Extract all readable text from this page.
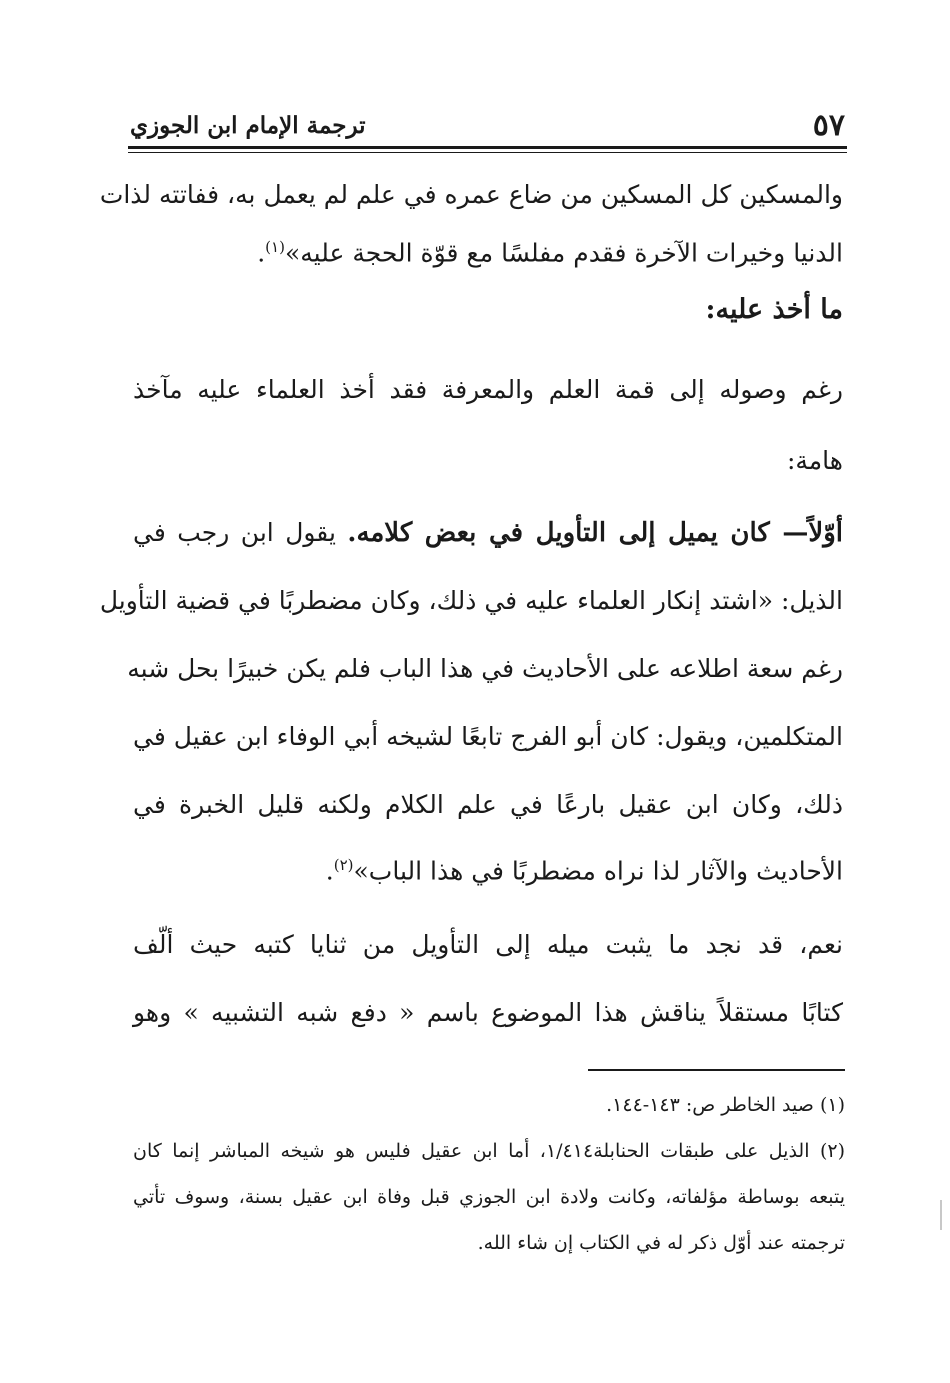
٥٧
ترجمة الإمام ابن الجوزي
والمسكين كل المسكين من ضاع عمره في علم لم يعمل به، ففاتته لذات
الدنيا وخيرات الآخرة فقدم مفلسًا مع قوّة الحجة عليه»$^{(١)}$.
ما أخذ عليه:
رغم وصوله إلى قمة العلم والمعرفة فقد أخذ العلماء عليه مآخذ
هامة:
أوّلاً— كان يميل إلى التأويل في بعض كلامه. يقول ابن رجب في
الذيل: «اشتد إنكار العلماء عليه في ذلك، وكان مضطربًا في قضية التأويل
رغم سعة اطلاعه على الأحاديث في هذا الباب فلم يكن خبيرًا بحل شبه
المتكلمين، ويقول: كان أبو الفرج تابعًا لشيخه أبي الوفاء ابن عقيل في
ذلك، وكان ابن عقيل بارعًا في علم الكلام ولكنه قليل الخبرة في
الأحاديث والآثار لذا نراه مضطربًا في هذا الباب»$^{(٢)}$.
نعم، قد نجد ما يثبت ميله إلى التأويل من ثنايا كتبه حيث ألّف
كتابًا مستقلاً يناقش هذا الموضوع باسم « دفع شبه التشبيه » وهو
(١) صيد الخاطر ص: ١٤٣-١٤٤.
(٢) الذيل على طبقات الحنابلة١/٤١٤، أما ابن عقيل فليس هو شيخه المباشر إنما كان
يتبعه بوساطة مؤلفاته، وكانت ولادة ابن الجوزي قبل وفاة ابن عقيل بسنة، وسوف تأتي
ترجمته عند أوّل ذكر له في الكتاب إن شاء الله.
